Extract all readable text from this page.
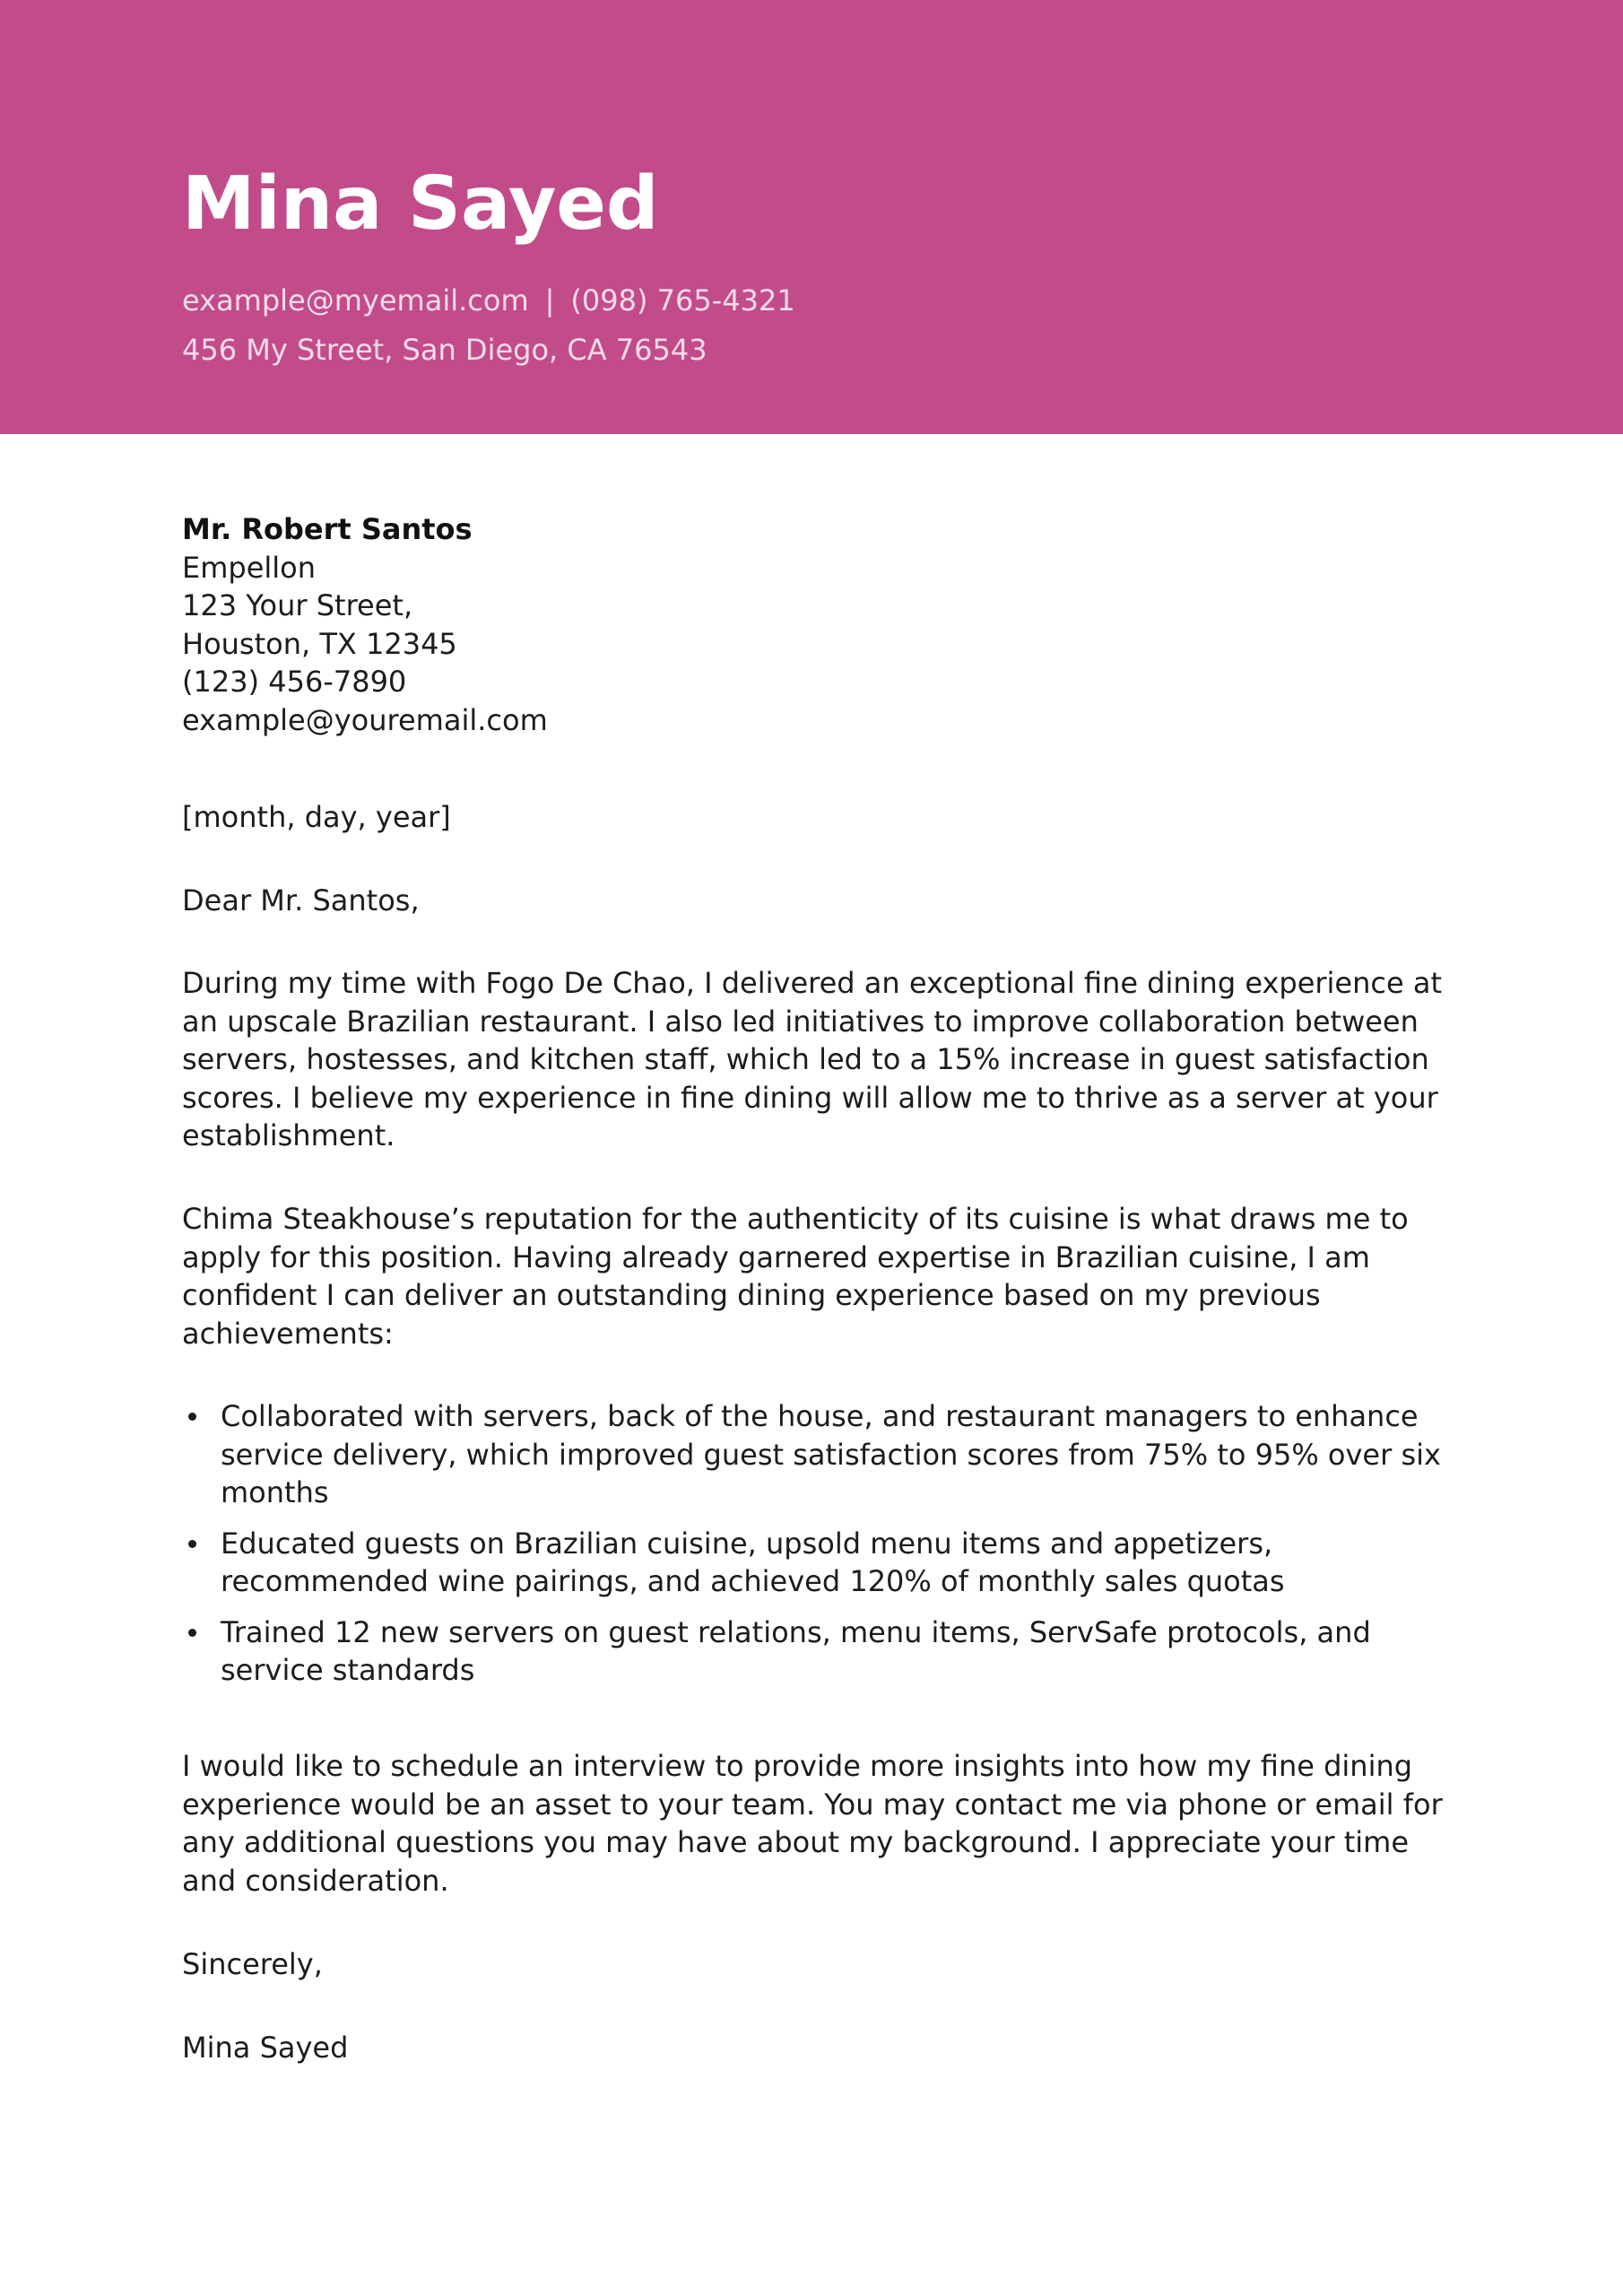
Mina Sayed
example@myemail.com | (098) 765-4321
456 My Street, San Diego, CA 76543
Mr. Robert Santos
Empellon
123 Your Street,
Houston, TX 12345
(123) 456-7890
example@youremail.com

[month, day, year]

Dear Mr. Santos,

During my time with Fogo De Chao, I delivered an exceptional fine dining experience at an upscale Brazilian restaurant. I also led initiatives to improve collaboration between servers, hostesses, and kitchen staff, which led to a 15% increase in guest satisfaction scores. I believe my experience in fine dining will allow me to thrive as a server at your establishment.

Chima Steakhouse’s reputation for the authenticity of its cuisine is what draws me to apply for this position. Having already garnered expertise in Brazilian cuisine, I am confident I can deliver an outstanding dining experience based on my previous achievements:

Collaborated with servers, back of the house, and restaurant managers to enhance service delivery, which improved guest satisfaction scores from 75% to 95% over six months
Educated guests on Brazilian cuisine, upsold menu items and appetizers, recommended wine pairings, and achieved 120% of monthly sales quotas
Trained 12 new servers on guest relations, menu items, ServSafe protocols, and service standards

I would like to schedule an interview to provide more insights into how my fine dining experience would be an asset to your team. You may contact me via phone or email for any additional questions you may have about my background. I appreciate your time and consideration.

Sincerely,

Mina Sayed
